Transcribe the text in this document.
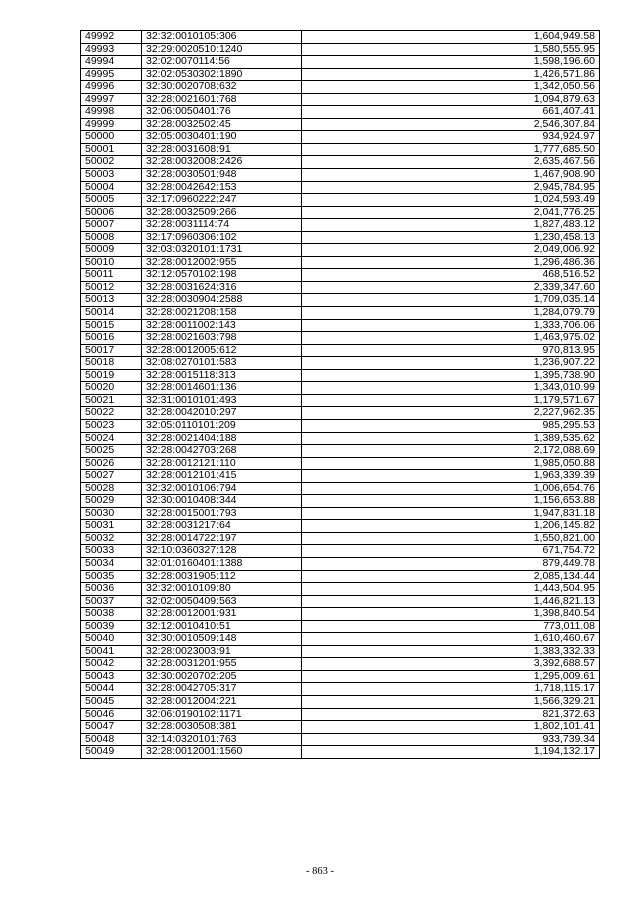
49992	32:32:0010105:306	1,604,949.58
49993	32:29:0020510:1240	1,580,555.95
49994	32:02:0070114:56	1,598,196.60
49995	32:02:0530302:1890	1,426,571.86
49996	32:30:0020708:632	1,342,050.56
49997	32:28:0021601:768	1,094,879.63
49998	32:06:0050401:76	661,407.41
49999	32:28:0032502:45	2,546,307.84
50000	32:05:0030401:190	934,924.97
50001	32:28:0031608:91	1,777,685.50
50002	32:28:0032008:2426	2,635,467.56
50003	32:28:0030501:948	1,467,908.90
50004	32:28:0042642:153	2,945,784.95
50005	32:17:0960222:247	1,024,593.49
50006	32:28:0032509:266	2,041,776.25
50007	32:28:0031114:74	1,827,483.12
50008	32:17:0960306:102	1,230,458.13
50009	32:03:0320101:1731	2,049,006.92
50010	32:28:0012002:955	1,296,486.36
50011	32:12:0570102:198	468,516.52
50012	32:28:0031624:316	2,339,347.60
50013	32:28:0030904:2588	1,709,035.14
50014	32:28:0021208:158	1,284,079.79
50015	32:28:0011002:143	1,333,706.06
50016	32:28:0021603:798	1,463,975.02
50017	32:28:0012005:612	970,813.95
50018	32:08:0270101:583	1,236,907.22
50019	32:28:0015118:313	1,395,738.90
50020	32:28:0014601:136	1,343,010.99
50021	32:31:0010101:493	1,179,571.67
50022	32:28:0042010:297	2,227,962.35
50023	32:05:0110101:209	985,295.53
50024	32:28:0021404:188	1,389,535.62
50025	32:28:0042703:268	2,172,088.69
50026	32:28:0012121:110	1,985,050.88
50027	32:28:0012101:415	1,963,339.39
50028	32:32:0010106:794	1,006,654.76
50029	32:30:0010408:344	1,156,653.88
50030	32:28:0015001:793	1,947,831.18
50031	32:28:0031217:64	1,206,145.82
50032	32:28:0014722:197	1,550,821.00
50033	32:10:0360327:128	671,754.72
50034	32:01:0160401:1388	879,449.78
50035	32:28:0031905:112	2,085,134.44
50036	32:32:0010109:80	1,443,504.95
50037	32:02:0050409:563	1,446,821.13
50038	32:28:0012001:931	1,398,840.54
50039	32:12:0010410:51	773,011.08
50040	32:30:0010509:148	1,610,460.67
50041	32:28:0023003:91	1,383,332.33
50042	32:28:0031201:955	3,392,688.57
50043	32:30:0020702:205	1,295,009.61
50044	32:28:0042705:317	1,718,115.17
50045	32:28:0012004:221	1,566,329.21
50046	32:06:0190102:1171	821,372.63
50047	32:28:0030508:381	1,802,101.41
50048	32:14:0320101:763	933,739.34
50049	32:28:0012001:1560	1,194,132.17
- 863 -
